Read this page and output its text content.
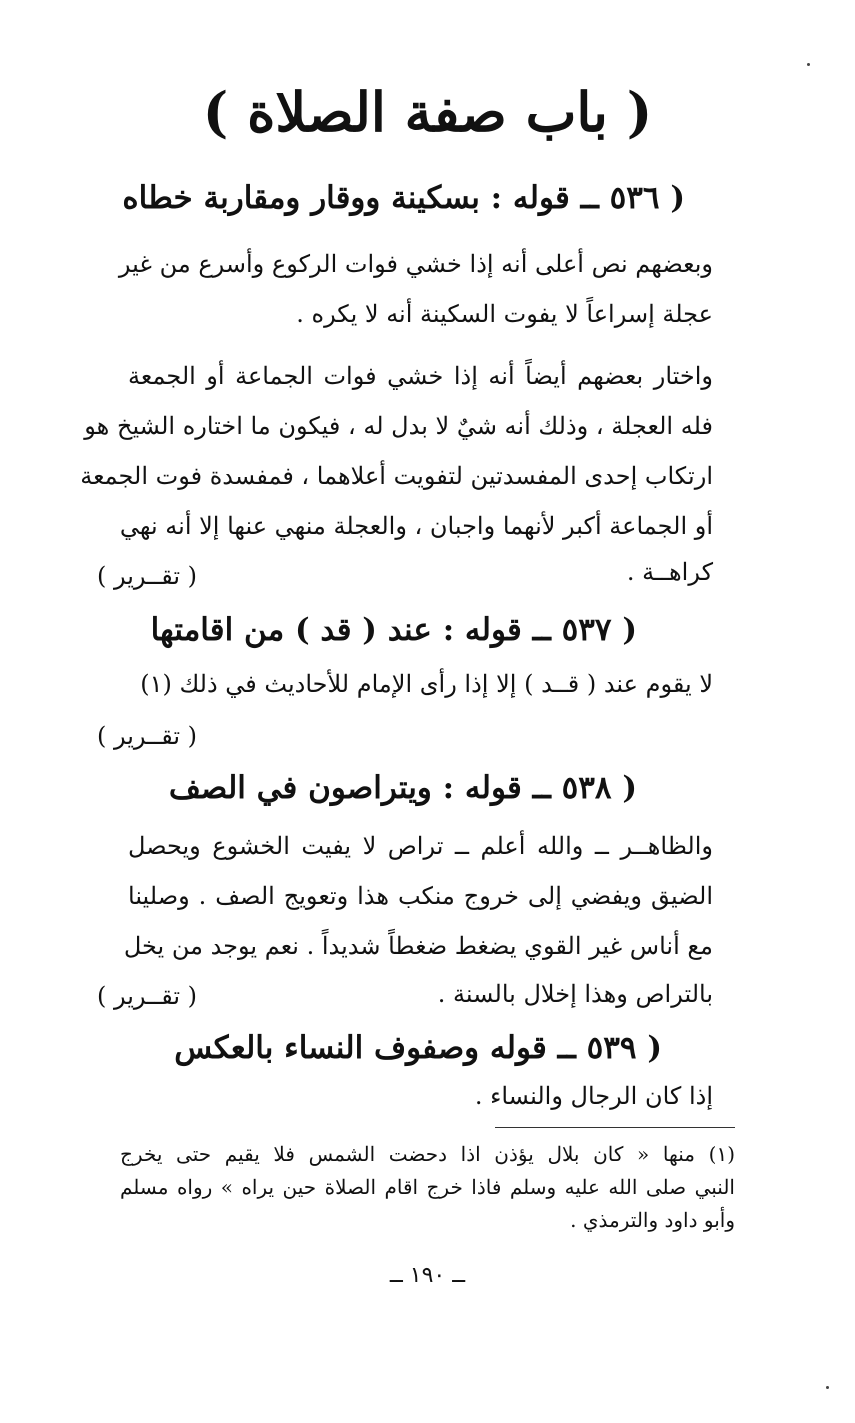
( باب صفة الصلاة )
( ٥٣٦ ــ قوله : بسكينة ووقار ومقاربة خطاه
وبعضهم نص أعلى أنه إذا خشي فوات الركوع وأسرع من غير
عجلة إسراعاً لا يفوت السكينة أنه لا يكره .
واختار بعضهم أيضاً أنه إذا خشي فوات الجماعة أو الجمعة
فله العجلة ، وذلك أنه شيٌ لا بدل له ، فيكون ما اختاره الشيخ هو
ارتكاب إحدى المفسدتين لتفويت أعلاهما ، فمفسدة فوت الجمعة
أو الجماعة أكبر لأنهما واجبان ، والعجلة منهي عنها إلا أنه نهي
كراهــة .
( تقــرير )
( ٥٣٧ ــ قوله : عند ( قد ) من اقامتها
لا يقوم عند ( قــد ) إلا إذا رأى الإمام للأحاديث في ذلك (١)
( تقــرير )
( ٥٣٨ ــ قوله : ويتراصون في الصف
والظاهــر ــ والله أعلم ــ تراص لا يفيت الخشوع ويحصل
الضيق ويفضي إلى خروج منكب هذا وتعويج الصف . وصلينا
مع أناس غير القوي يضغط ضغطاً شديداً . نعم يوجد من يخل
بالتراص وهذا إخلال بالسنة .
( تقــرير )
( ٥٣٩ ــ قوله وصفوف النساء بالعكس
إذا كان الرجال والنساء .
(١) منها « كان بلال يؤذن اذا دحضت الشمس فلا يقيم حتى يخرج
النبي صلى الله عليه وسلم فاذا خرج اقام الصلاة حين يراه » رواه مسلم
وأبو داود والترمذي .
ــ ١٩٠ ــ
